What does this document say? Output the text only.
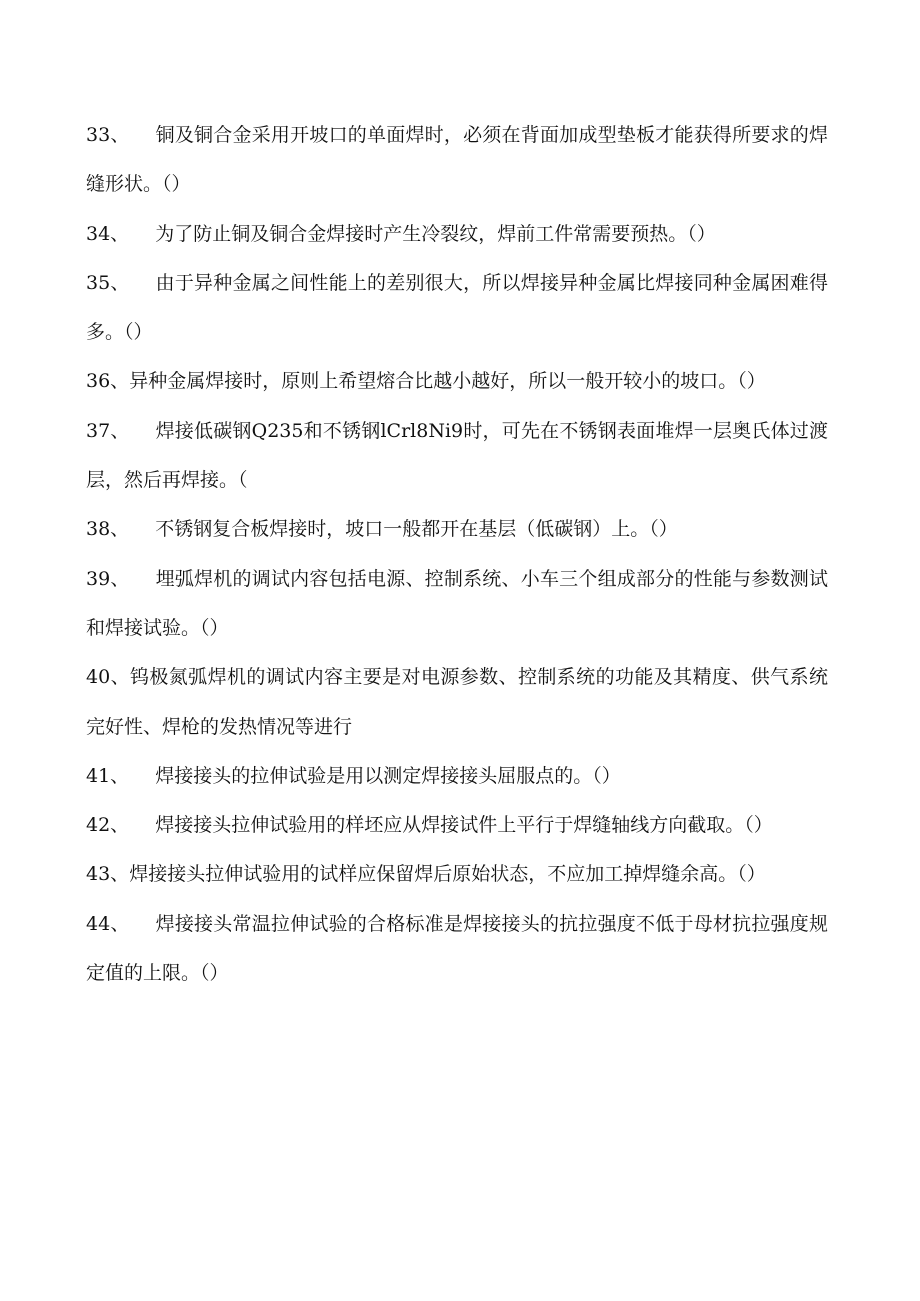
33、 铜及铜合金采用开坡口的单面焊时，必须在背面加成型垫板才能获得所要求的焊缝形状。（）

34、 为了防止铜及铜合金焊接时产生冷裂纹，焊前工件常需要预热。（）

35、 由于异种金属之间性能上的差别很大，所以焊接异种金属比焊接同种金属困难得多。（）

36、异种金属焊接时，原则上希望熔合比越小越好，所以一般开较小的坡口。（）

37、 焊接低碳钢Q235和不锈钢lCrl8Ni9时，可先在不锈钢表面堆焊一层奥氏体过渡层，然后再焊接。（

38、 不锈钢复合板焊接时，坡口一般都开在基层（低碳钢）上。（）

39、 埋弧焊机的调试内容包括电源、控制系统、小车三个组成部分的性能与参数测试和焊接试验。（）

40、钨极氮弧焊机的调试内容主要是对电源参数、控制系统的功能及其精度、供气系统完好性、焊枪的发热情况等进行

41、 焊接接头的拉伸试验是用以测定焊接接头屈服点的。（）

42、 焊接接头拉伸试验用的样坯应从焊接试件上平行于焊缝轴线方向截取。（）

43、焊接接头拉伸试验用的试样应保留焊后原始状态，不应加工掉焊缝余高。（）

44、 焊接接头常温拉伸试验的合格标准是焊接接头的抗拉强度不低于母材抗拉强度规定值的上限。（）
